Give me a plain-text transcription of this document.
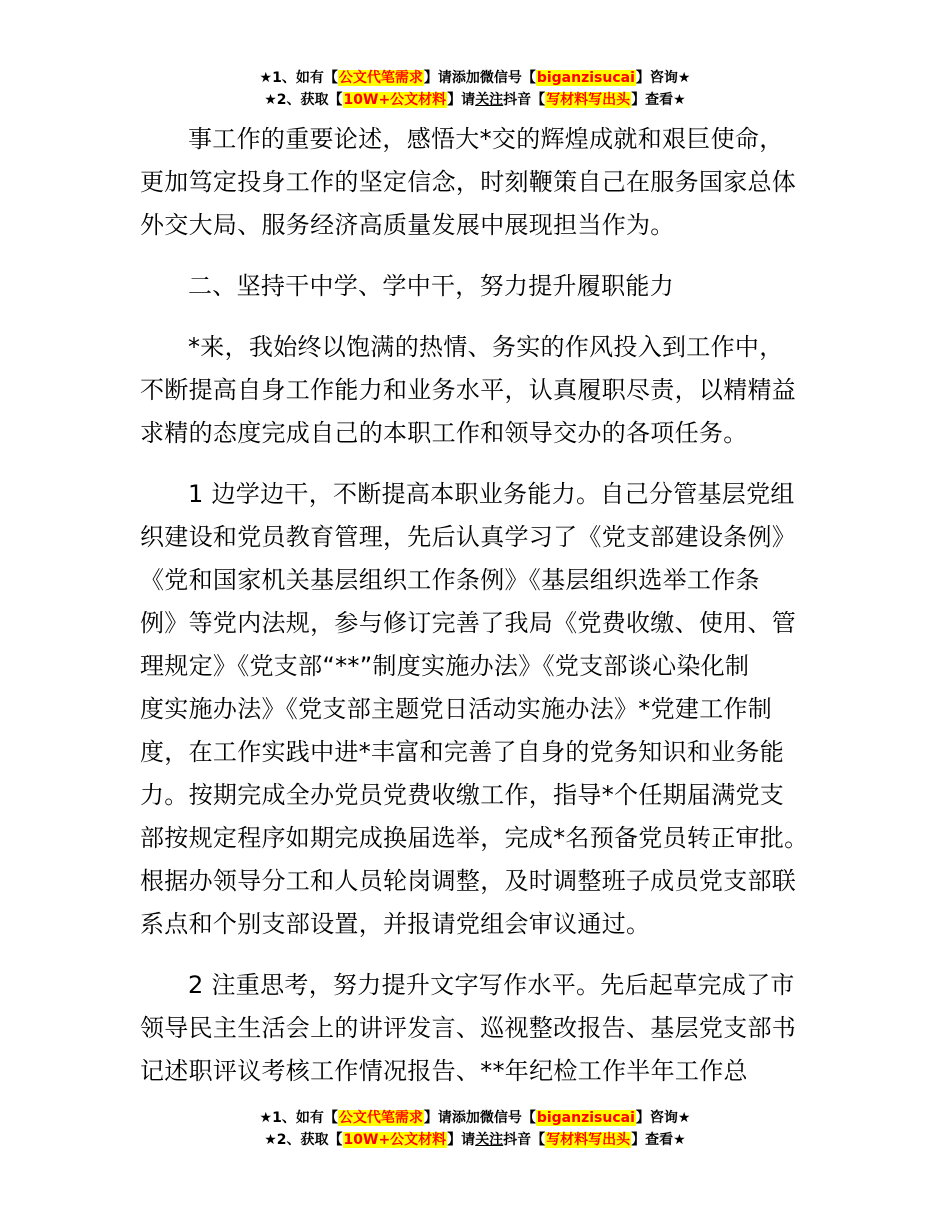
★1、如有【公文代笔需求】请添加微信号【biganzisucai】咨询★
★2、获取【10W+公文材料】请关注抖音【写材料写出头】查看★
事工作的重要论述，感悟大*交的辉煌成就和艰巨使命，
更加笃定投身工作的坚定信念，时刻鞭策自己在服务国家总体
外交大局、服务经济高质量发展中展现担当作为。
二、坚持干中学、学中干，努力提升履职能力
*来，我始终以饱满的热情、务实的作风投入到工作中，
不断提高自身工作能力和业务水平，认真履职尽责，以精精益
求精的态度完成自己的本职工作和领导交办的各项任务。
1 边学边干，不断提高本职业务能力。自己分管基层党组
织建设和党员教育管理，先后认真学习了《党支部建设条例》
《党和国家机关基层组织工作条例》《基层组织选举工作条
例》等党内法规，参与修订完善了我局《党费收缴、使用、管
理规定》《党支部“**”制度实施办法》《党支部谈心染化制
度实施办法》《党支部主题党日活动实施办法》*党建工作制
度，在工作实践中进*丰富和完善了自身的党务知识和业务能
力。按期完成全办党员党费收缴工作，指导*个任期届满党支
部按规定程序如期完成换届选举，完成*名预备党员转正审批。
根据办领导分工和人员轮岗调整，及时调整班子成员党支部联
系点和个别支部设置，并报请党组会审议通过。
2 注重思考，努力提升文字写作水平。先后起草完成了市
领导民主生活会上的讲评发言、巡视整改报告、基层党支部书
记述职评议考核工作情况报告、**年纪检工作半年工作总
★1、如有【公文代笔需求】请添加微信号【biganzisucai】咨询★
★2、获取【10W+公文材料】请关注抖音【写材料写出头】查看★
